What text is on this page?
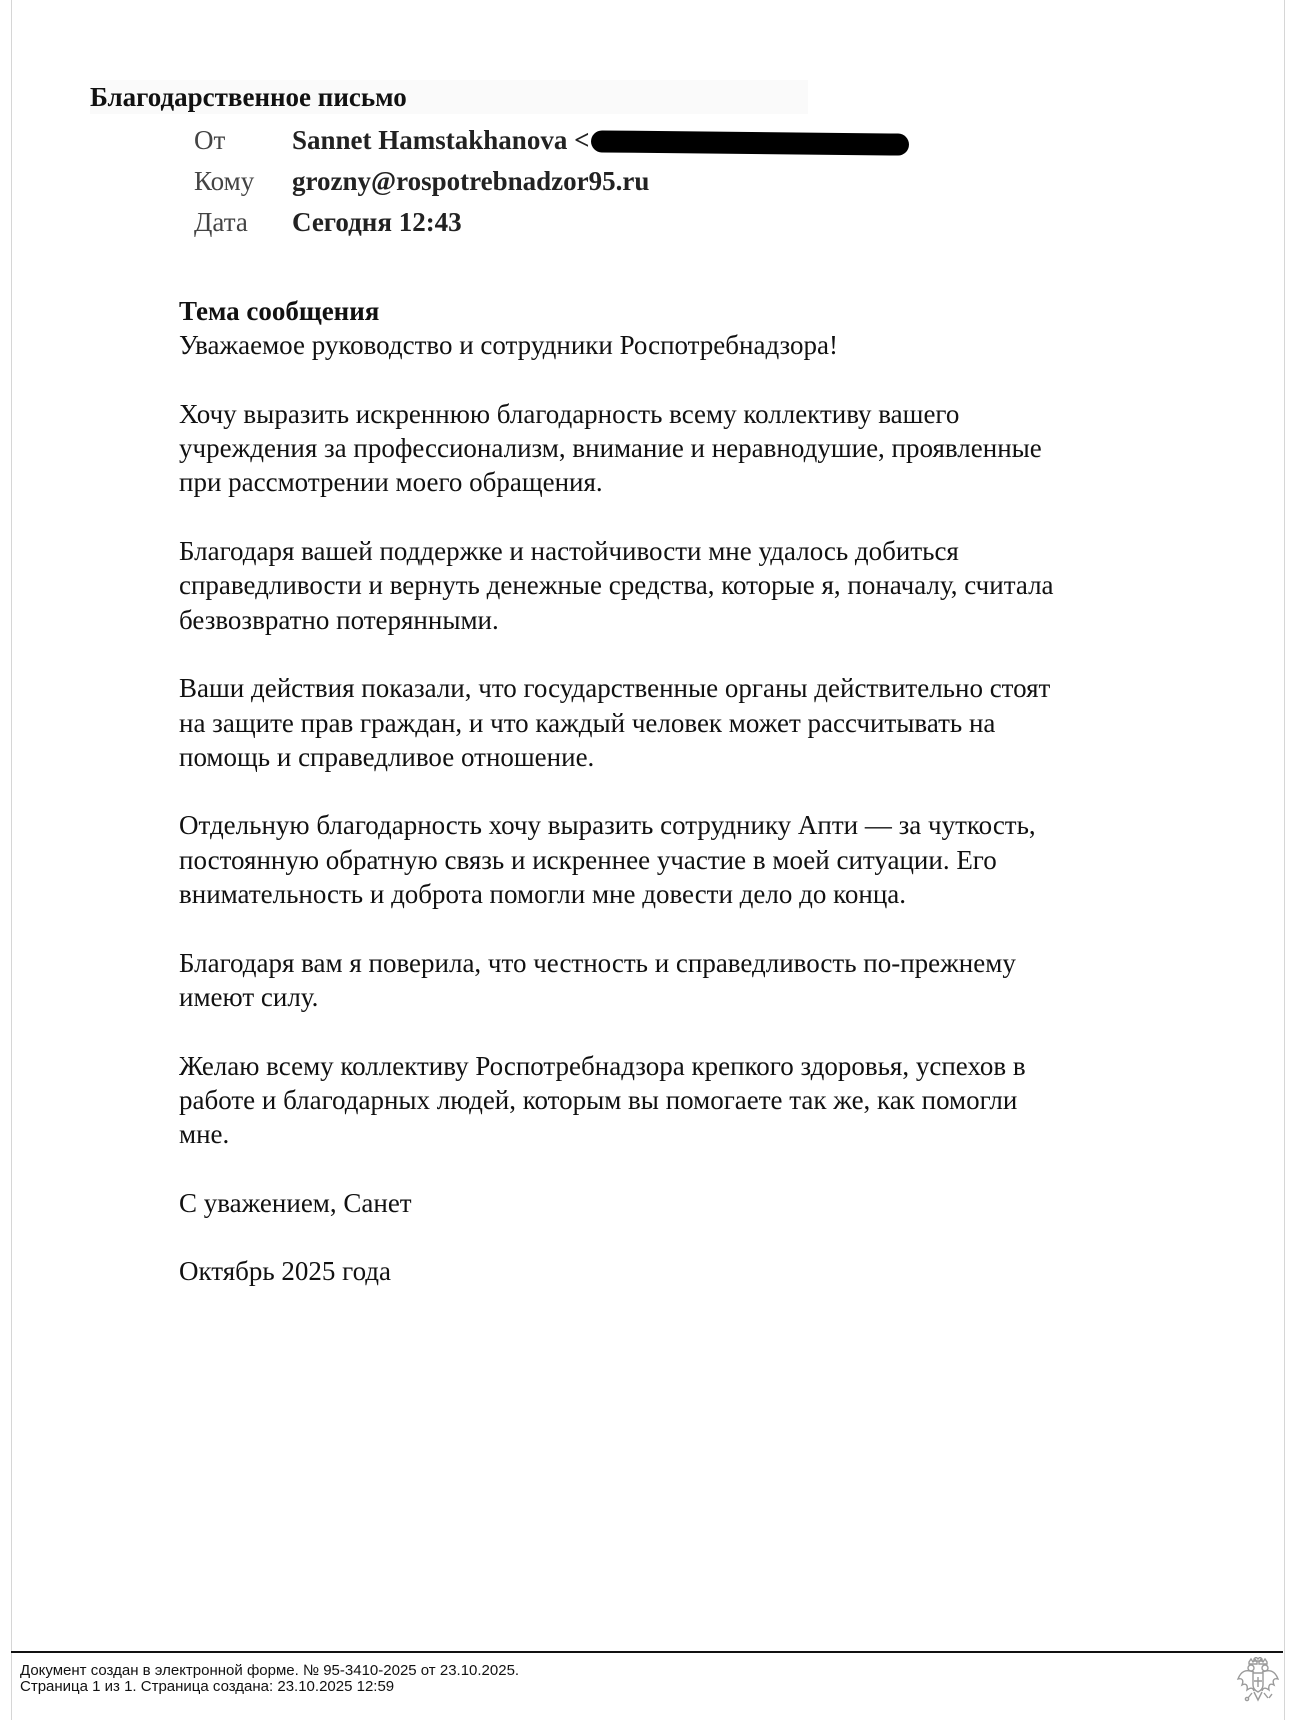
Благодарственное письмо
От	Sannet Hamstakhanova <
Кому	grozny@rospotrebnadzor95.ru
Дата	Сегодня 12:43

Тема сообщения

Уважаемое руководство и сотрудники Роспотребнадзора!

Хочу выразить искреннюю благодарность всему коллективу вашего
учреждения за профессионализм, внимание и неравнодушие, проявленные
при рассмотрении моего обращения.

Благодаря вашей поддержке и настойчивости мне удалось добиться
справедливости и вернуть денежные средства, которые я, поначалу, считала
безвозвратно потерянными.

Ваши действия показали, что государственные органы действительно стоят
на защите прав граждан, и что каждый человек может рассчитывать на
помощь и справедливое отношение.

Отдельную благодарность хочу выразить сотруднику Апти — за чуткость,
постоянную обратную связь и искреннее участие в моей ситуации. Его
внимательность и доброта помогли мне довести дело до конца.

Благодаря вам я поверила, что честность и справедливость по-прежнему
имеют силу.

Желаю всему коллективу Роспотребнадзора крепкого здоровья, успехов в
работе и благодарных людей, которым вы помогаете так же, как помогли
мне.

С уважением, Санет

Октябрь 2025 года

Документ создан в электронной форме. № 95-3410-2025 от 23.10.2025.
Страница 1 из 1. Страница создана: 23.10.2025 12:59
